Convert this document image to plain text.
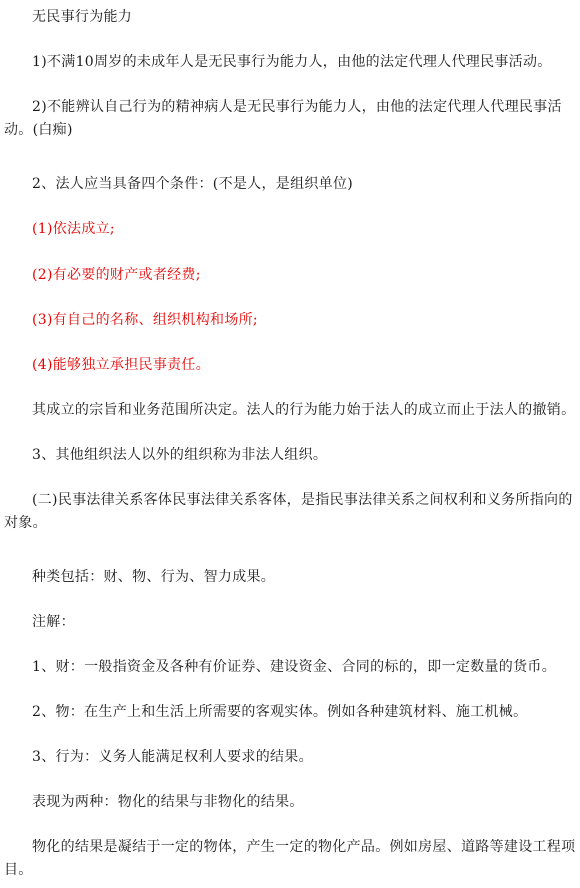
无民事行为能力

1)不满10周岁的未成年人是无民事行为能力人，由他的法定代理人代理民事活动。

2)不能辨认自己行为的精神病人是无民事行为能力人，由他的法定代理人代理民事活动。(白痴)

2、法人应当具备四个条件：(不是人，是组织单位)

(1)依法成立;

(2)有必要的财产或者经费;

(3)有自己的名称、组织机构和场所;

(4)能够独立承担民事责任。

其成立的宗旨和业务范围所决定。法人的行为能力始于法人的成立而止于法人的撤销。

3、其他组织法人以外的组织称为非法人组织。

(二)民事法律关系客体民事法律关系客体，是指民事法律关系之间权利和义务所指向的对象。

种类包括：财、物、行为、智力成果。

注解：

1、财：一般指资金及各种有价证券、建设资金、合同的标的，即一定数量的货币。

2、物：在生产上和生活上所需要的客观实体。例如各种建筑材料、施工机械。

3、行为：义务人能满足权利人要求的结果。

表现为两种：物化的结果与非物化的结果。

物化的结果是凝结于一定的物体，产生一定的物化产品。例如房屋、道路等建设工程项目。
